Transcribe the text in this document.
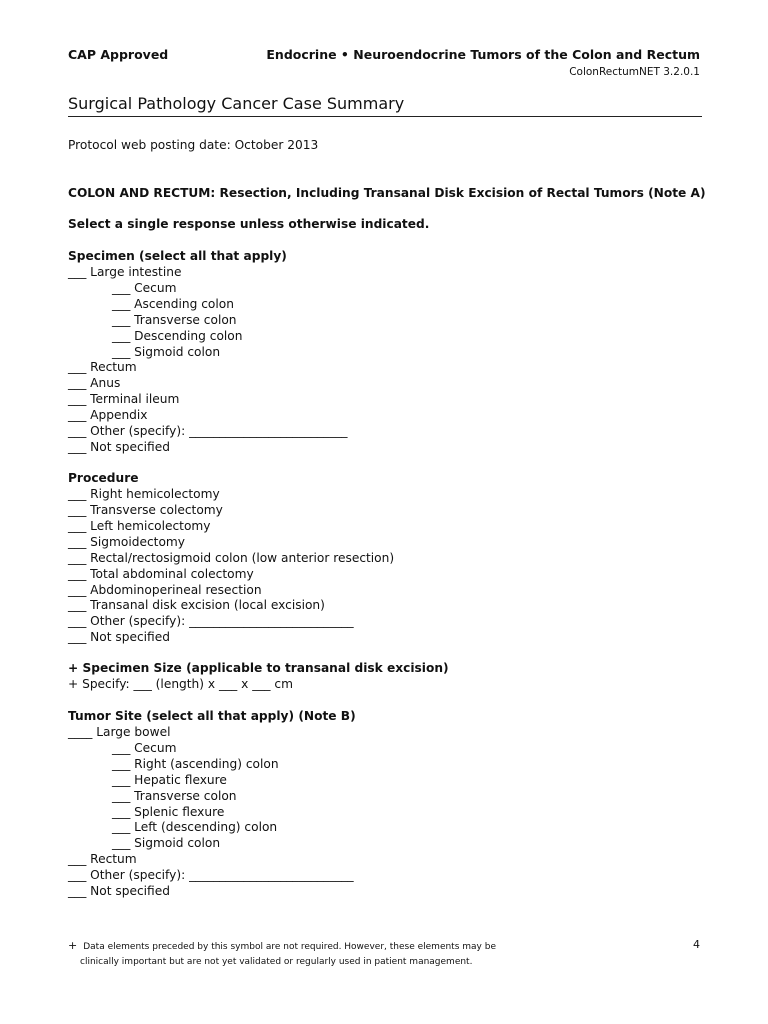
CAP Approved	Endocrine • Neuroendocrine Tumors of the Colon and Rectum
ColonRectumNET 3.2.0.1
Surgical Pathology Cancer Case Summary
Protocol web posting date: October 2013
COLON AND RECTUM: Resection, Including Transanal Disk Excision of Rectal Tumors (Note A)
Select a single response unless otherwise indicated.
Specimen (select all that apply)
___ Large intestine
___ Cecum
___ Ascending colon
___ Transverse colon
___ Descending colon
___ Sigmoid colon
___ Rectum
___ Anus
___ Terminal ileum
___ Appendix
___ Other (specify): __________________________
___ Not specified
Procedure
___ Right hemicolectomy
___ Transverse colectomy
___ Left hemicolectomy
___ Sigmoidectomy
___ Rectal/rectosigmoid colon (low anterior resection)
___ Total abdominal colectomy
___ Abdominoperineal resection
___ Transanal disk excision (local excision)
___ Other (specify): ___________________________
___ Not specified
+ Specimen Size (applicable to transanal disk excision)
+ Specify: ___ (length) x ___ x ___ cm
Tumor Site (select all that apply) (Note B)
____ Large bowel
___ Cecum
___ Right (ascending) colon
___ Hepatic flexure
___ Transverse colon
___ Splenic flexure
___ Left (descending) colon
___ Sigmoid colon
___ Rectum
___ Other (specify): ___________________________
___ Not specified
+ Data elements preceded by this symbol are not required. However, these elements may be
clinically important but are not yet validated or regularly used in patient management.
4
